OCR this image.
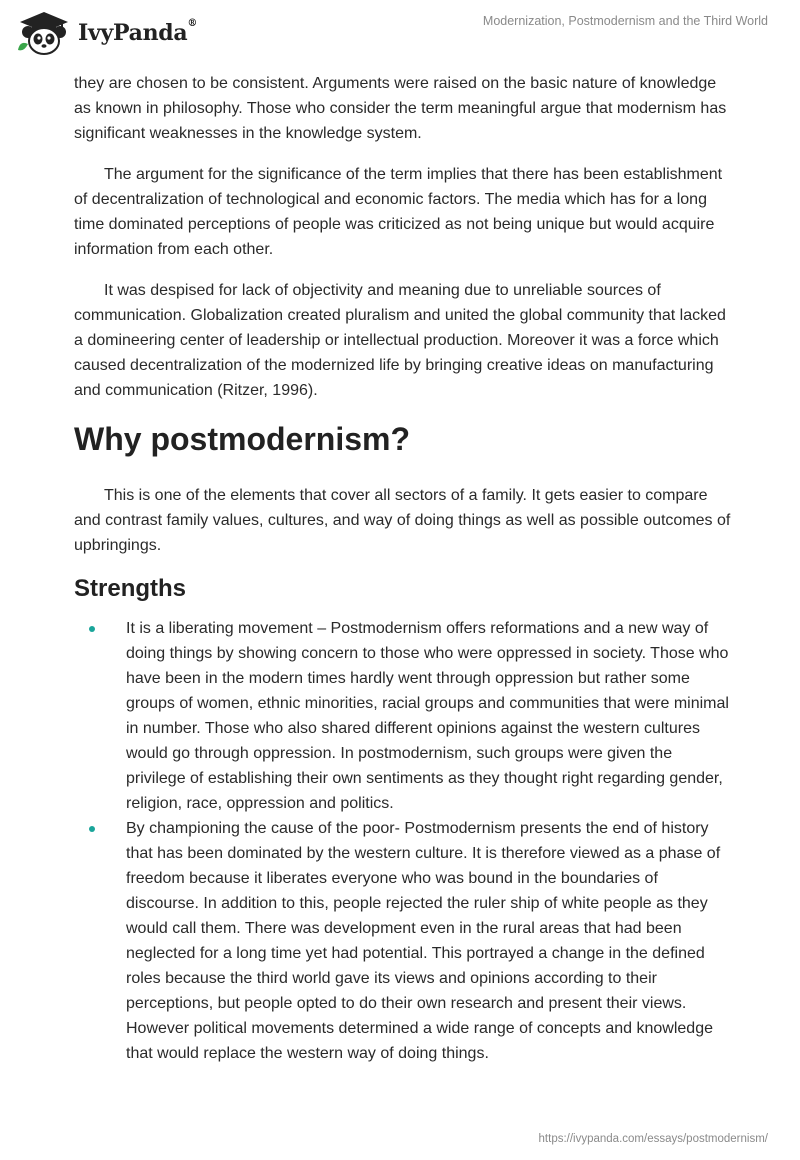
IvyPanda®	Modernization, Postmodernism and the Third World

they are chosen to be consistent. Arguments were raised on the basic nature of knowledge as known in philosophy. Those who consider the term meaningful argue that modernism has significant weaknesses in the knowledge system.

The argument for the significance of the term implies that there has been establishment of decentralization of technological and economic factors. The media which has for a long time dominated perceptions of people was criticized as not being unique but would acquire information from each other.

It was despised for lack of objectivity and meaning due to unreliable sources of communication. Globalization created pluralism and united the global community that lacked a domineering center of leadership or intellectual production. Moreover it was a force which caused decentralization of the modernized life by bringing creative ideas on manufacturing and communication (Ritzer, 1996).

Why postmodernism?

This is one of the elements that cover all sectors of a family. It gets easier to compare and contrast family values, cultures, and way of doing things as well as possible outcomes of upbringings.

Strengths
It is a liberating movement – Postmodernism offers reformations and a new way of doing things by showing concern to those who were oppressed in society. Those who have been in the modern times hardly went through oppression but rather some groups of women, ethnic minorities, racial groups and communities that were minimal in number. Those who also shared different opinions against the western cultures would go through oppression. In postmodernism, such groups were given the privilege of establishing their own sentiments as they thought right regarding gender, religion, race, oppression and politics.
By championing the cause of the poor- Postmodernism presents the end of history that has been dominated by the western culture. It is therefore viewed as a phase of freedom because it liberates everyone who was bound in the boundaries of discourse. In addition to this, people rejected the ruler ship of white people as they would call them. There was development even in the rural areas that had been neglected for a long time yet had potential. This portrayed a change in the defined roles because the third world gave its views and opinions according to their perceptions, but people opted to do their own research and present their views. However political movements determined a wide range of concepts and knowledge that would replace the western way of doing things.
https://ivypanda.com/essays/postmodernism/
